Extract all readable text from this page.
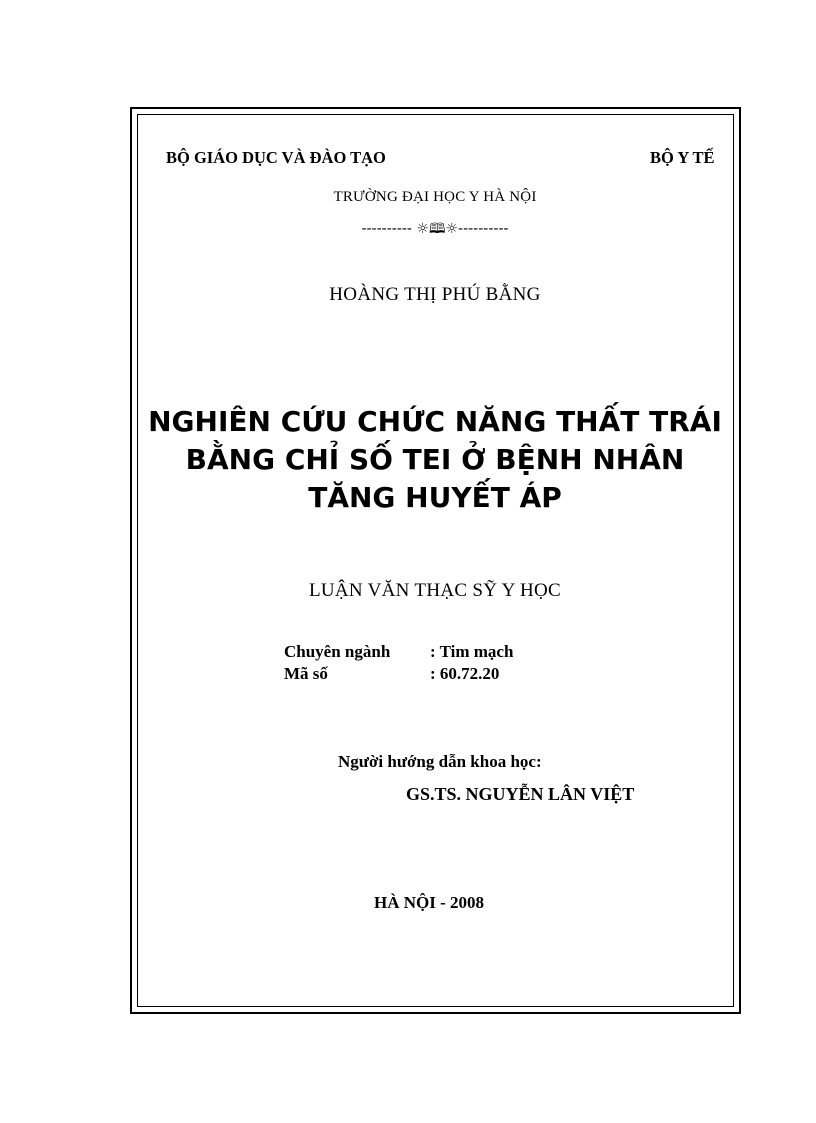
BỘ GIÁO DỤC VÀ ĐÀO TẠO	BỘ Y TẾ
TRƯỜNG ĐẠI HỌC Y HÀ NỘI
---------- ☼🕮☼----------
HOÀNG THỊ PHÚ BẰNG
NGHIÊN CỨU CHỨC NĂNG THẤT TRÁI
BẰNG CHỈ SỐ TEI Ở BỆNH NHÂN
TĂNG HUYẾT ÁP
LUẬN VĂN THẠC SỸ Y HỌC
Chuyên ngành : Tim mạch
Mã số	: 60.72.20
Người hướng dẫn khoa học:
GS.TS. NGUYỄN LÂN VIỆT
HÀ NỘI - 2008
